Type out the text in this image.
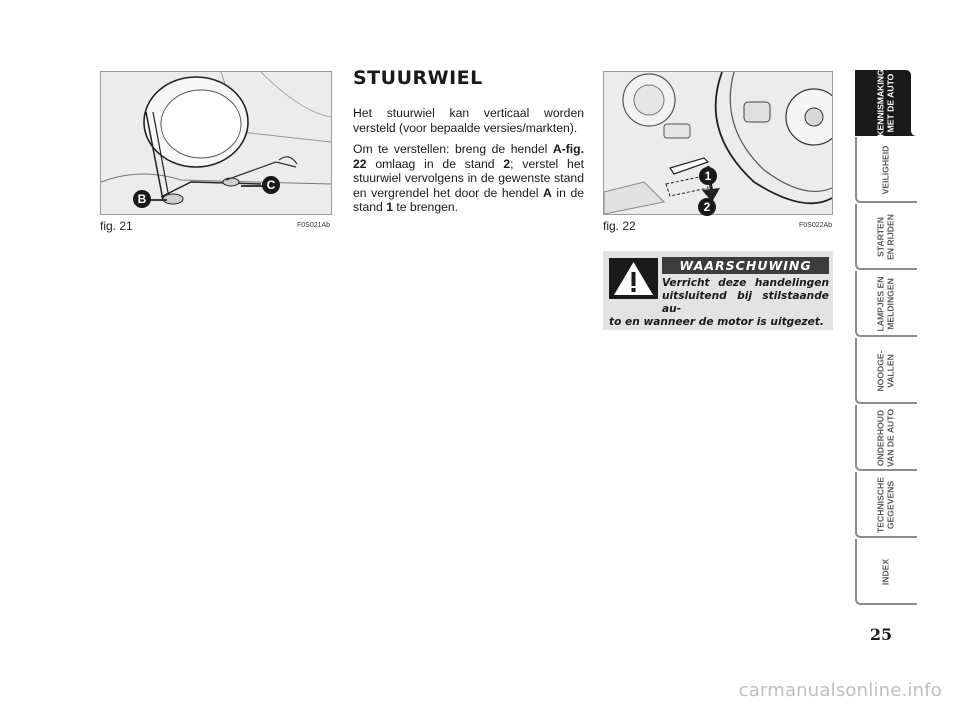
B
C
fig. 21	F0S021Ab
STUURWIEL

Het stuurwiel kan verticaal worden versteld (voor bepaalde versies/markten).

Om te verstellen: breng de hendel A-fig. 22 omlaag in de stand 2; verstel het stuurwiel vervolgens in de gewenste stand en vergrendel het door de hendel A in de stand 1 te brengen.

1
2
fig. 22	F0S022Ab
WAARSCHUWING
Verricht deze handelingen uitsluitend bij stilstaande au-
to en wanneer de motor is uitgezet.
KENNISMAKING
MET DE AUTO
VEILIGHEID
STARTEN
EN RIJDEN
LAMPJES EN
MELDINGEN
NOODGE-
VALLEN
ONDERHOUD
VAN DE AUTO
TECHNISCHE
GEGEVENS
INDEX
25
carmanualsonline.info
